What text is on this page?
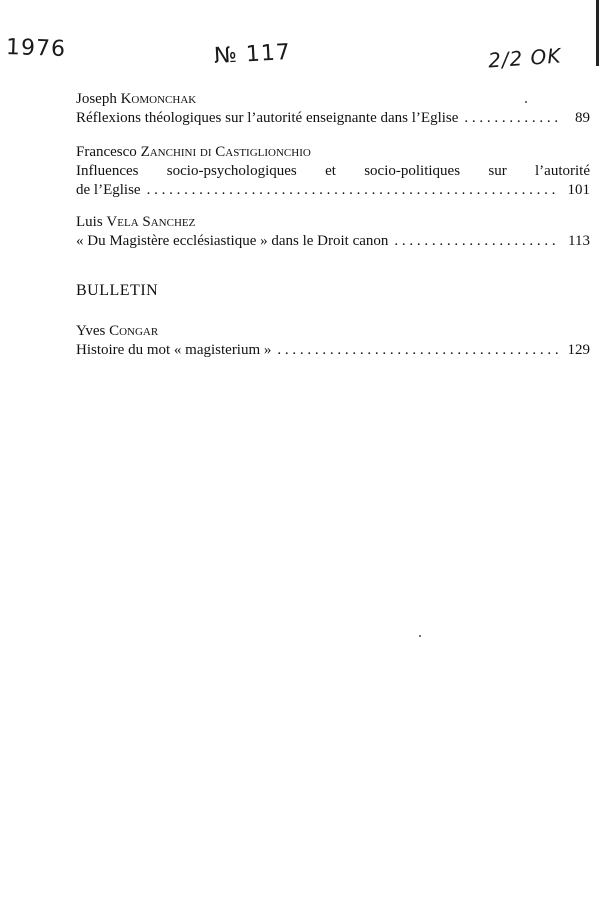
1976	№ 117	2/2 OK

Joseph Komonchak

Réflexions théologiques sur l’autorité enseignante dans l’Eglise . . .	89

Francesco Zanchini di Castiglionchio

Influences socio-psychologiques et socio-politiques sur l’autorité

de l’Eglise . . .	101

Luis Vela Sanchez

« Du Magistère ecclésiastique » dans le Droit canon . . .	113

BULLETIN

Yves Congar

Histoire du mot « magisterium » . . .	129
